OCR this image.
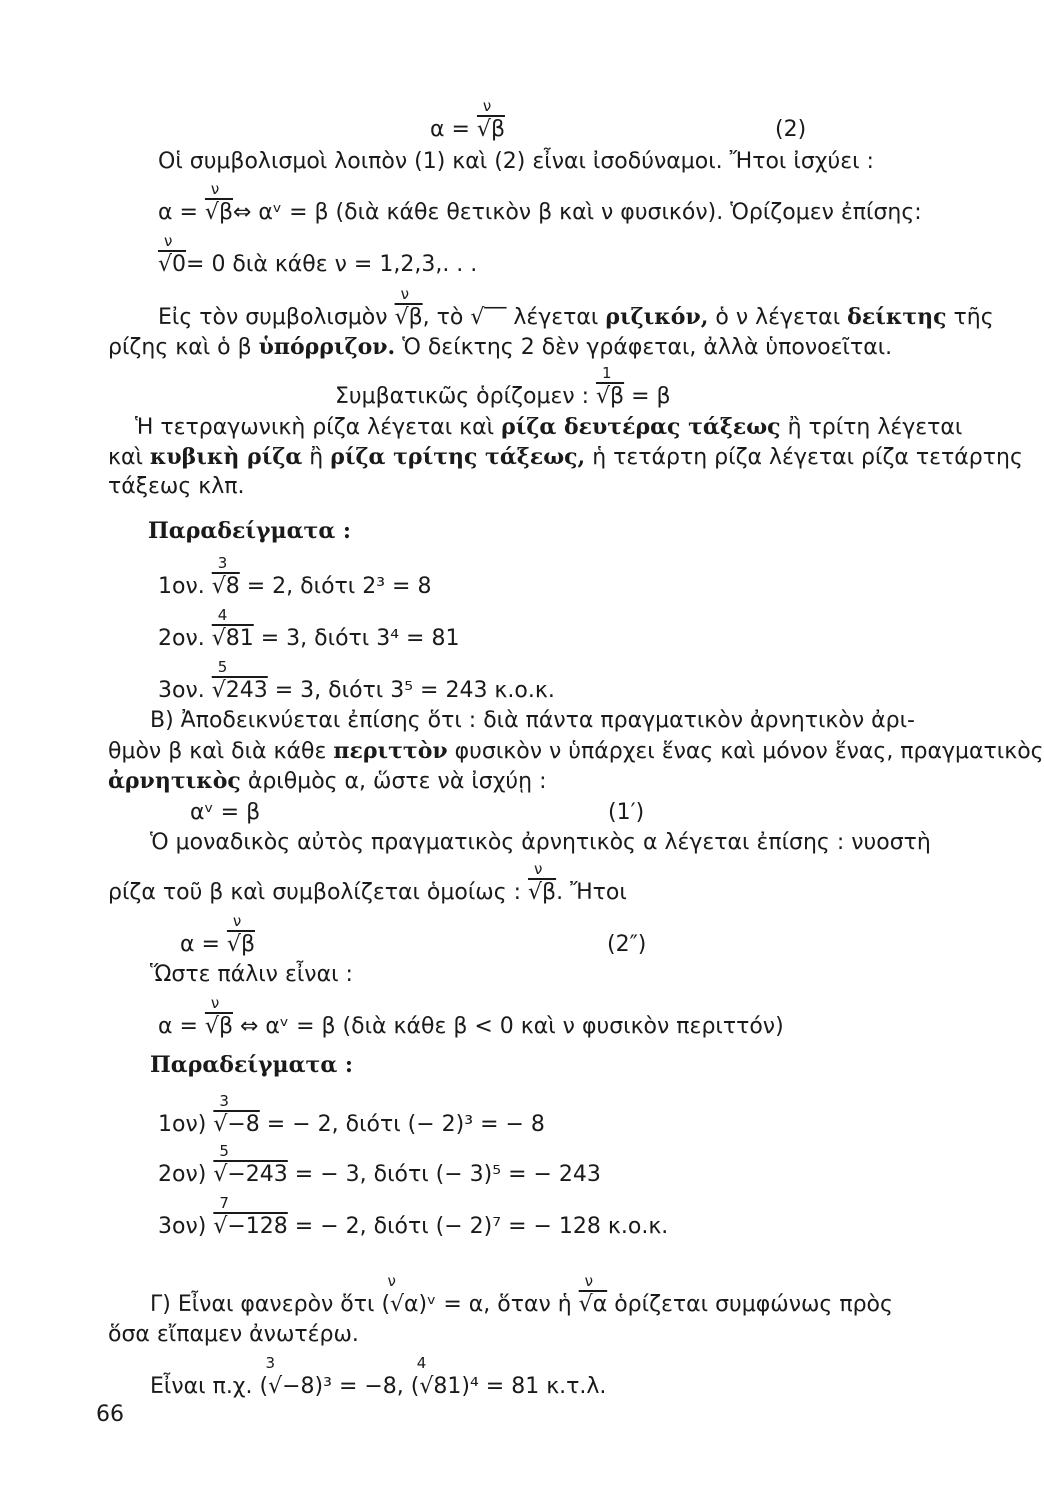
α =
ν
√β	(2)
Οἱ συμβολισμοὶ λοιπὸν (1) καὶ (2) εἶναι ἰσοδύναμοι. Ἤτοι ἰσχύει :
α =
ν
√β⇔ αᵛ = β (διὰ κάθε θετικὸν β καὶ ν φυσικόν). Ὁρίζομεν ἐπίσης:
ν
√0= 0 διὰ κάθε ν = 1,2,3,. . .
Εἰς τὸν συμβολισμὸν
ν
√β, τὸ √‾‾ λέγεται ριζικόν, ὁ ν λέγεται δείκτης τῆς
ρίζης καὶ ὁ β ὑπόρριζον. Ὁ δείκτης 2 δὲν γράφεται, ἀλλὰ ὑπονοεῖται.
Συμβατικῶς ὁρίζομεν :
1
√β = β
Ἡ τετραγωνικὴ ρίζα λέγεται καὶ ρίζα δευτέρας τάξεως ἢ τρίτη λέγεται
καὶ κυβικὴ ρίζα ἢ ρίζα τρίτης τάξεως, ἡ τετάρτη ρίζα λέγεται ρίζα τετάρτης
τάξεως κλπ.
Παραδείγματα :
1ον.
3
√8 = 2, διότι 2³ = 8
2ον.
4
√81 = 3, διότι 3⁴ = 81
3ον.
5
√243 = 3, διότι 3⁵ = 243 κ.ο.κ.
B) Ἀποδεικνύεται ἐπίσης ὅτι : διὰ πάντα πραγματικὸν ἀρνητικὸν ἀρι-
θμὸν β καὶ διὰ κάθε περιττὸν φυσικὸν ν ὑπάρχει ἕνας καὶ μόνον ἕνας, πραγματικὸς
ἀρνητικὸς ἀριθμὸς α, ὥστε νὰ ἰσχύῃ :
αᵛ = β	(1′)
Ὁ μοναδικὸς αὐτὸς πραγματικὸς ἀρνητικὸς α λέγεται ἐπίσης : νυοστὴ
ρίζα τοῦ β καὶ συμβολίζεται ὁμοίως :
ν
√β. Ἤτοι
α =
ν
√β	(2″)
Ὥστε πάλιν εἶναι :
α =
ν
√β ⇔ αᵛ = β (διὰ κάθε β < 0 καὶ ν φυσικὸν περιττόν)
Παραδείγματα :
1ον)
3
√−8 = − 2, διότι (− 2)³ = − 8
2ον)
5
√−243 = − 3, διότι (− 3)⁵ = − 243
3ον)
7
√−128 = − 2, διότι (− 2)⁷ = − 128 κ.ο.κ.
Γ) Εἶναι φανερὸν ὅτι
ν
(√α)ᵛ = α, ὅταν ἡ
ν
√α ὁρίζεται συμφώνως πρὸς
ὅσα εἴπαμεν ἀνωτέρω.
Εἶναι π.χ.
3
(√−8)³ = −8,
4
(√81)⁴ = 81 κ.τ.λ.
66
